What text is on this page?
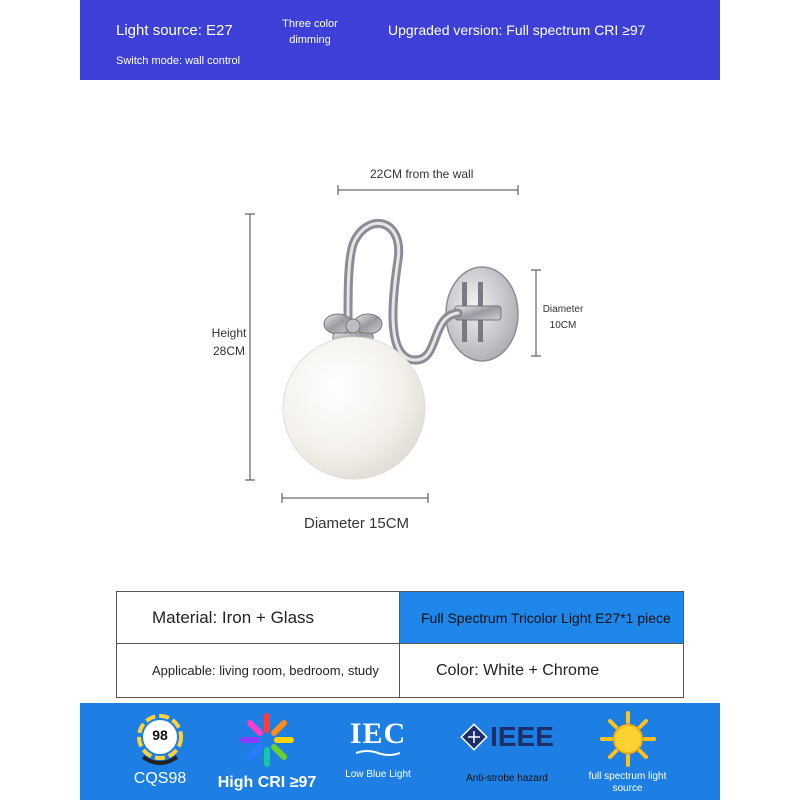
Light source: E27	Three color
dimming
Upgraded version: Full spectrum CRI ≥97
Switch mode: wall control
22CM from the wall
Height
28CM
Diameter
10CM
Diameter 15CM
Material: Iron + Glass	Full Spectrum Tricolor Light E27*1 piece
Applicable: living room, bedroom, study	Color: White + Chrome
98
CQS98 High CRI ≥97
IEC
Low Blue Light
IEEE
Anti-strobe hazard	full spectrum light
source
